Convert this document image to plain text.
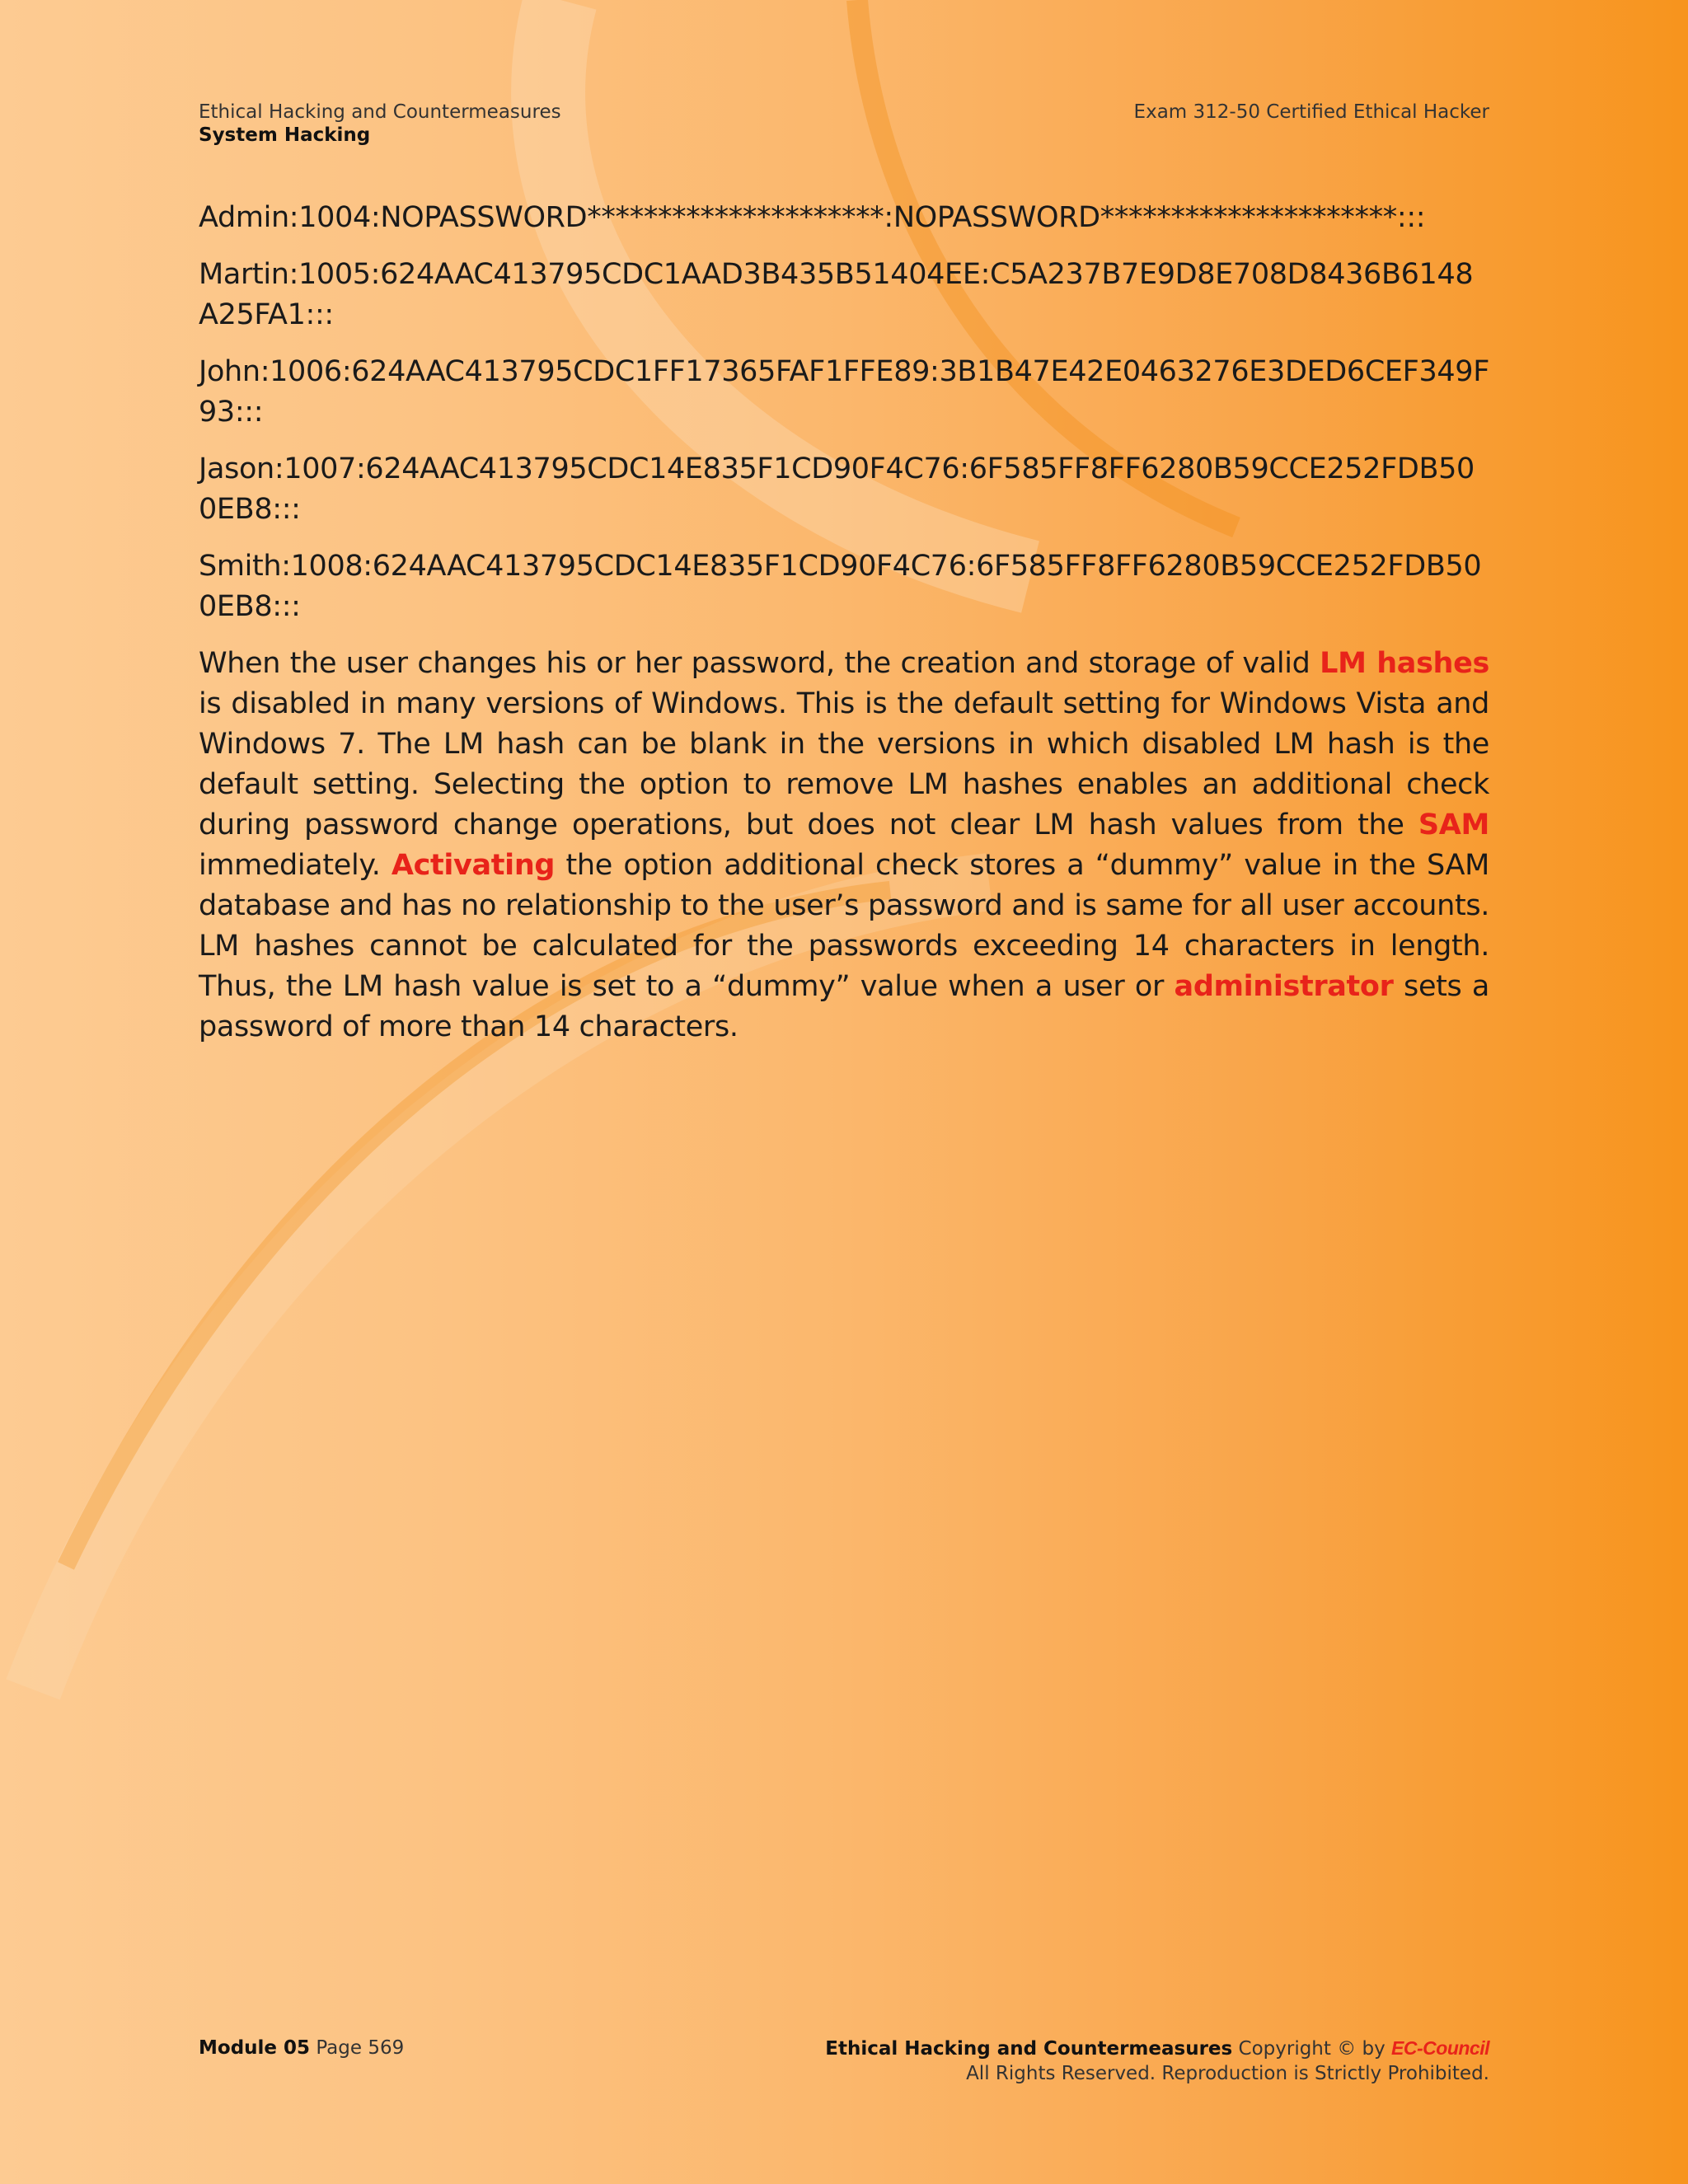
Ethical Hacking and Countermeasures
System Hacking
Exam 312-50 Certified Ethical Hacker

Admin:1004:NOPASSWORD*********************:NOPASSWORD*********************:::

Martin:1005:624AAC413795CDC1AAD3B435B51404EE:C5A237B7E9D8E708D8436B6148A25FA1:::

John:1006:624AAC413795CDC1FF17365FAF1FFE89:3B1B47E42E0463276E3DED6CEF349F93:::

Jason:1007:624AAC413795CDC14E835F1CD90F4C76:6F585FF8FF6280B59CCE252FDB500EB8:::

Smith:1008:624AAC413795CDC14E835F1CD90F4C76:6F585FF8FF6280B59CCE252FDB500EB8:::

When the user changes his or her password, the creation and storage of valid LM hashes is disabled in many versions of Windows. This is the default setting for Windows Vista and Windows 7. The LM hash can be blank in the versions in which disabled LM hash is the default setting. Selecting the option to remove LM hashes enables an additional check during password change operations, but does not clear LM hash values from the SAM immediately. Activating the option additional check stores a “dummy” value in the SAM database and has no relationship to the user’s password and is same for all user accounts. LM hashes cannot be calculated for the passwords exceeding 14 characters in length. Thus, the LM hash value is set to a “dummy” value when a user or administrator sets a password of more than 14 characters.

Module 05 Page 569	Ethical Hacking and Countermeasures Copyright © by EC-Council
All Rights Reserved. Reproduction is Strictly Prohibited.
